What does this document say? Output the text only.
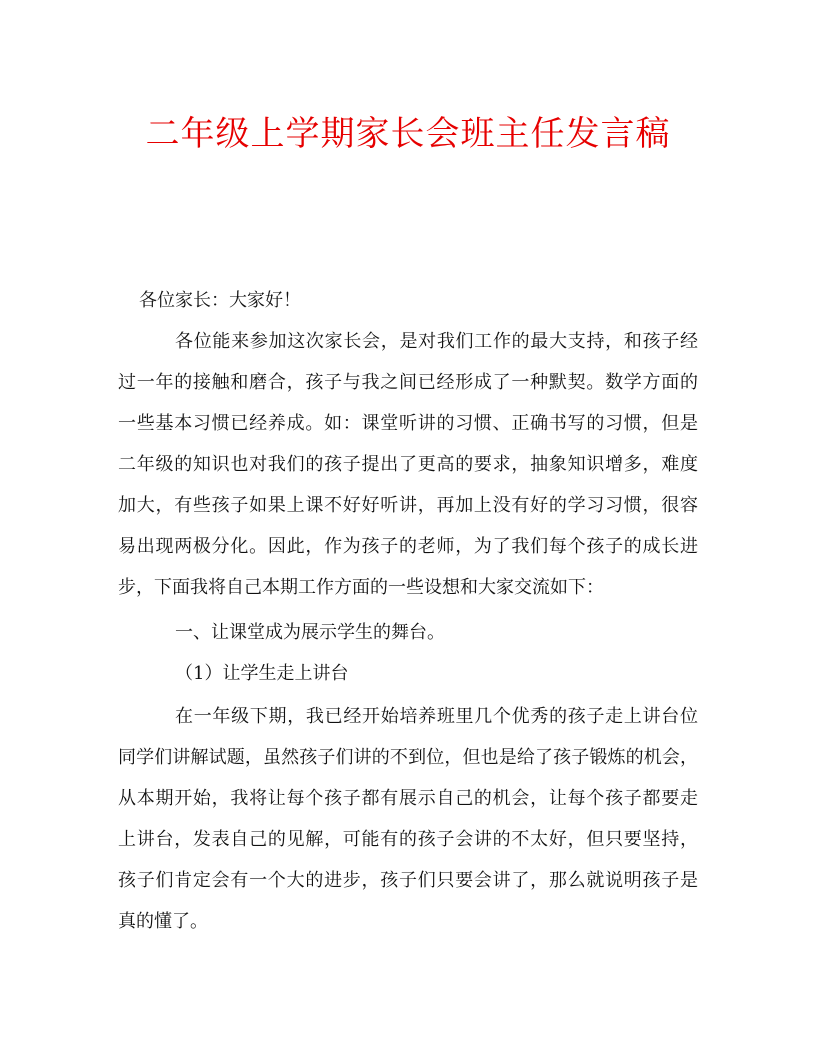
二年级上学期家长会班主任发言稿
各位家长：大家好！
各位能来参加这次家长会，是对我们工作的最大支持，和孩子经
过一年的接触和磨合，孩子与我之间已经形成了一种默契。数学方面的
一些基本习惯已经养成。如：课堂听讲的习惯、正确书写的习惯，但是
二年级的知识也对我们的孩子提出了更高的要求，抽象知识增多，难度
加大，有些孩子如果上课不好好听讲，再加上没有好的学习习惯，很容
易出现两极分化。因此，作为孩子的老师，为了我们每个孩子的成长进
步，下面我将自己本期工作方面的一些设想和大家交流如下：
一、让课堂成为展示学生的舞台。
（1）让学生走上讲台
在一年级下期，我已经开始培养班里几个优秀的孩子走上讲台位
同学们讲解试题，虽然孩子们讲的不到位，但也是给了孩子锻炼的机会，
从本期开始，我将让每个孩子都有展示自己的机会，让每个孩子都要走
上讲台，发表自己的见解，可能有的孩子会讲的不太好，但只要坚持，
孩子们肯定会有一个大的进步，孩子们只要会讲了，那么就说明孩子是
真的懂了。
